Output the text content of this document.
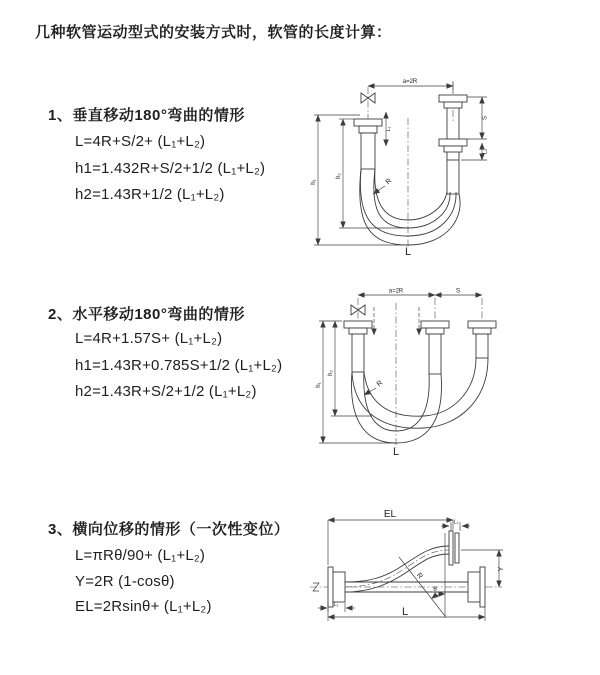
几种软管运动型式的安装方式时，软管的长度计算：
1、垂直移动180°弯曲的情形
L=4R+S/2+ (L₁+L₂)
h1=1.432R+S/2+1/2 (L₁+L₂)
h2=1.43R+1/2 (L₁+L₂)
2、水平移动180°弯曲的情形
L=4R+1.57S+ (L₁+L₂)
h1=1.43R+0.785S+1/2 (L₁+L₂)
h2=1.43R+S/2+1/2 (L₁+L₂)
3、横向位移的情形（一次性变位）
L=πRθ/90+ (L₁+L₂)
Y=2R (1-cosθ)
EL=2Rsinθ+ (L₁+L₂)
a=2R
L₁
R
h₁
h₂
S
L₂
L
a=2R	S
R
h₁
h₂
L
EL
L₁
Y
R
θ
L₁
L
